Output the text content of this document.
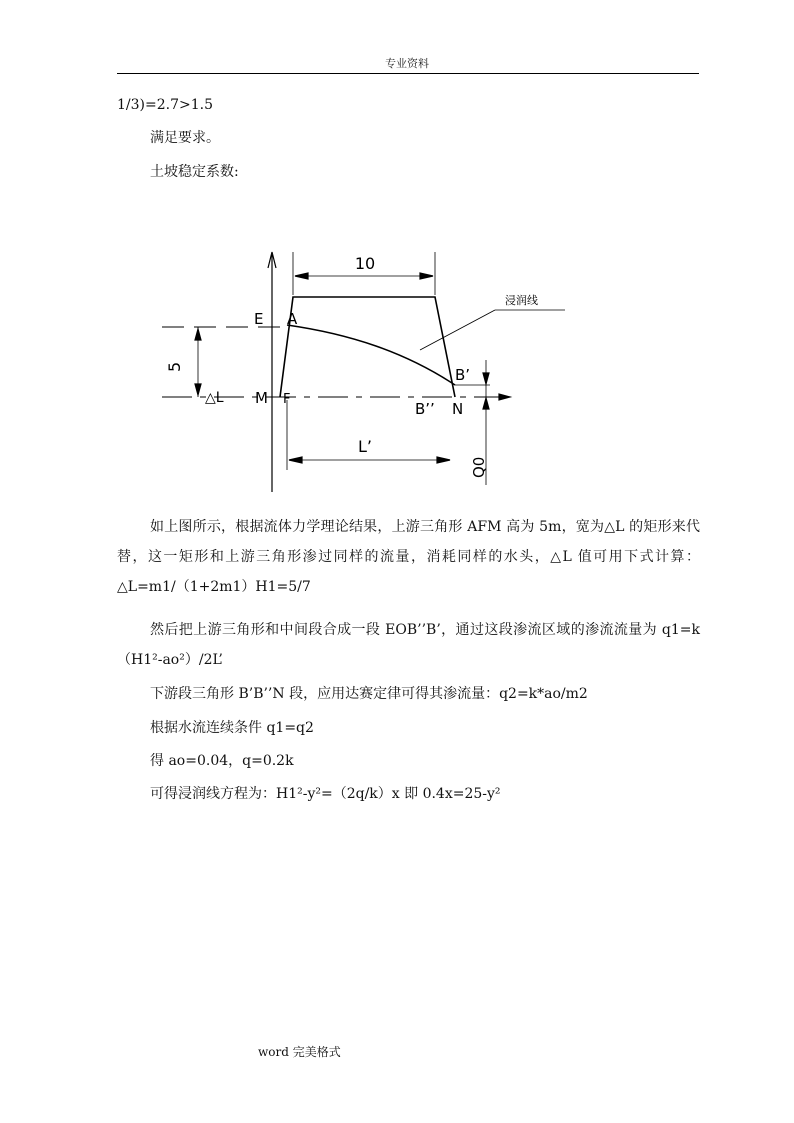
专业资料
1/3)=2.7>1.5
满足要求。
土坡稳定系数:
10
5
浸润线
E A
△L M F
B’
B’’ N
L’
Q0
如上图所示，根据流体力学理论结果，上游三角形 AFM 高为 5m，宽为△L 的矩形来代替，这一矩形和上游三角形渗过同样的流量，消耗同样的水头，△L 值可用下式计算：△L=m1/（1+2m1）H1=5/7
然后把上游三角形和中间段合成一段 EOB’’B’，通过这段渗流区域的渗流流量为 q1=k（H1²-ao²）/2L’
下游段三角形 B’B’’N 段，应用达赛定律可得其渗流量：q2=k*ao/m2
根据水流连续条件 q1=q2
得 ao=0.04，q=0.2k
可得浸润线方程为：H1²-y²=（2q/k）x 即 0.4x=25-y²
word 完美格式
